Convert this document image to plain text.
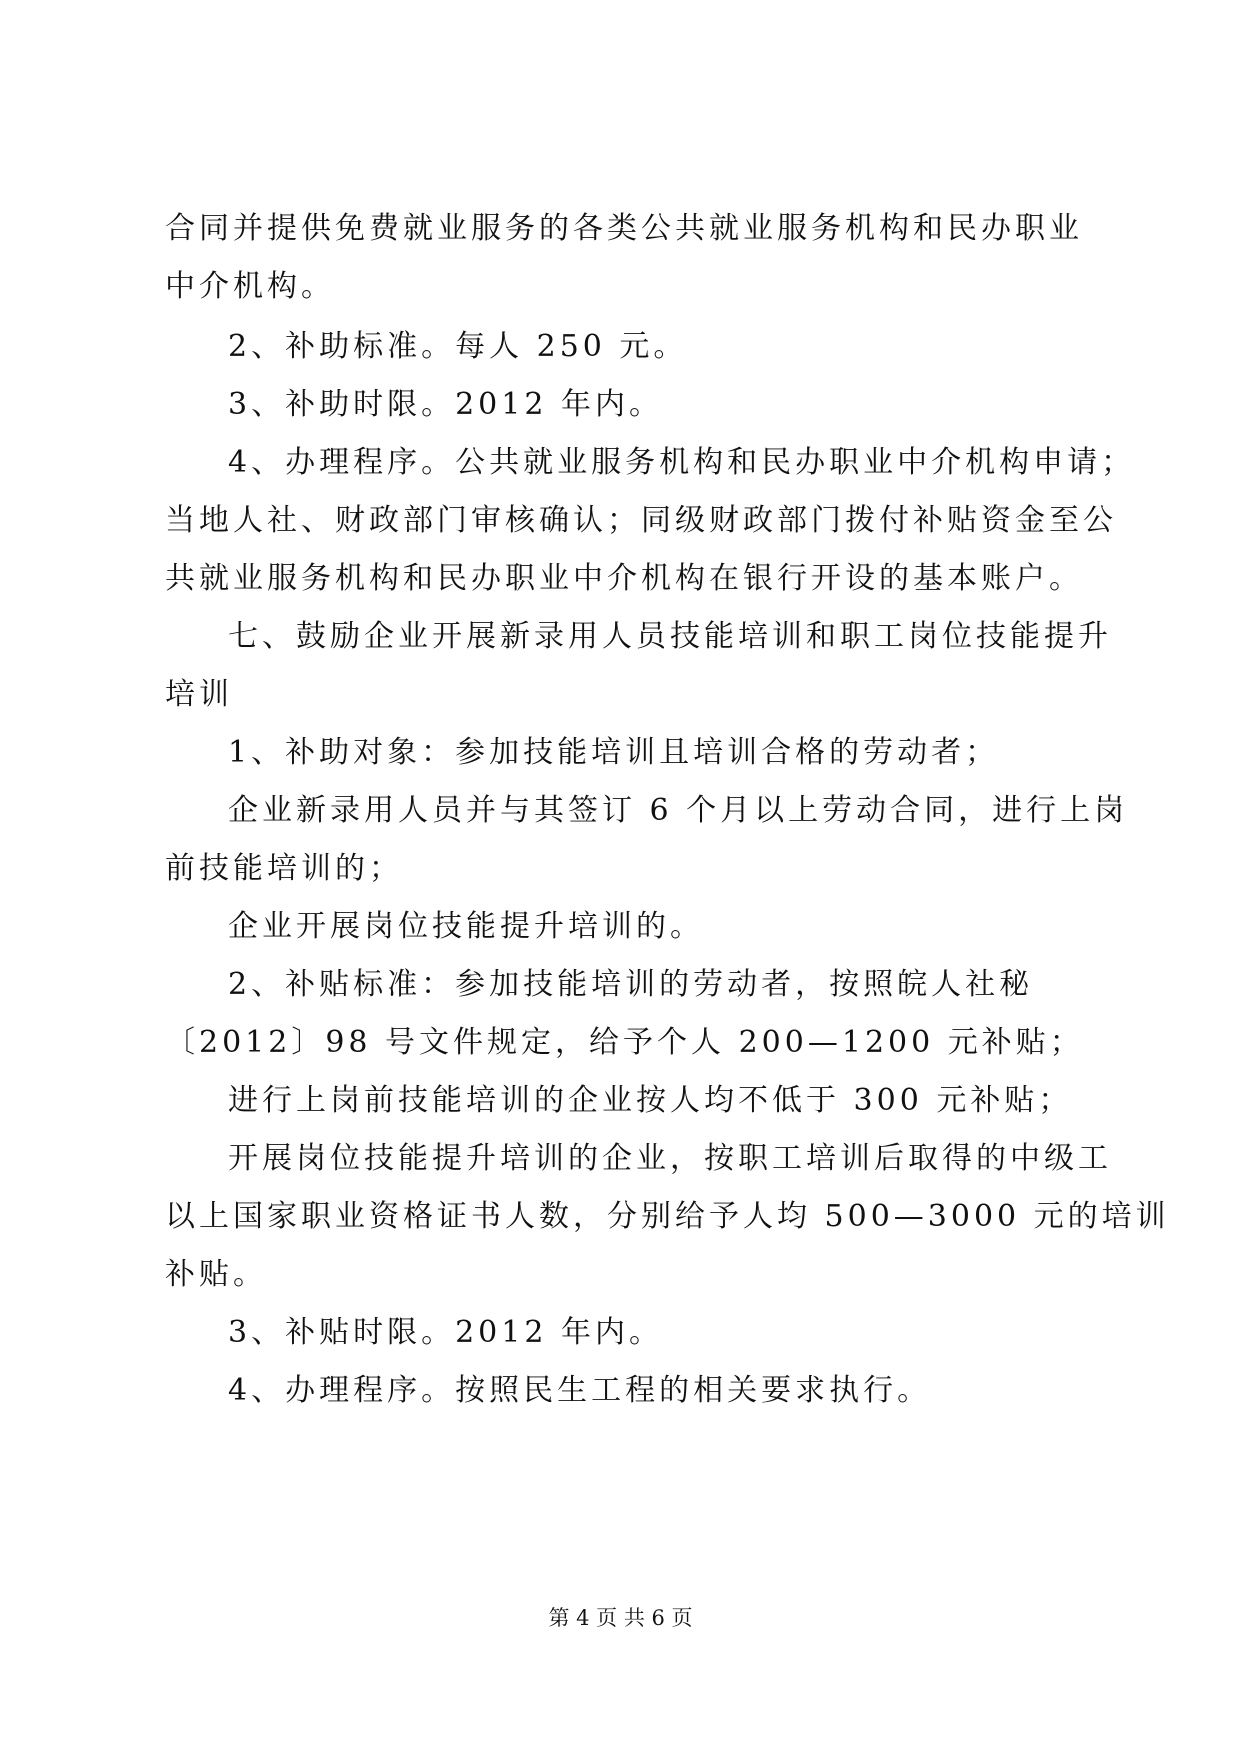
合同并提供免费就业服务的各类公共就业服务机构和民办职业
中介机构。
2、补助标准。每人 250 元。
3、补助时限。2012 年内。
4、办理程序。公共就业服务机构和民办职业中介机构申请；
当地人社、财政部门审核确认；同级财政部门拨付补贴资金至公
共就业服务机构和民办职业中介机构在银行开设的基本账户。
七、鼓励企业开展新录用人员技能培训和职工岗位技能提升
培训
1、补助对象：参加技能培训且培训合格的劳动者；
企业新录用人员并与其签订 6 个月以上劳动合同，进行上岗
前技能培训的；
企业开展岗位技能提升培训的。
2、补贴标准：参加技能培训的劳动者，按照皖人社秘
〔2012〕98 号文件规定，给予个人 200—1200 元补贴；
进行上岗前技能培训的企业按人均不低于 300 元补贴；
开展岗位技能提升培训的企业，按职工培训后取得的中级工
以上国家职业资格证书人数，分别给予人均 500—3000 元的培训
补贴。
3、补贴时限。2012 年内。
4、办理程序。按照民生工程的相关要求执行。
第 4 页 共 6 页
